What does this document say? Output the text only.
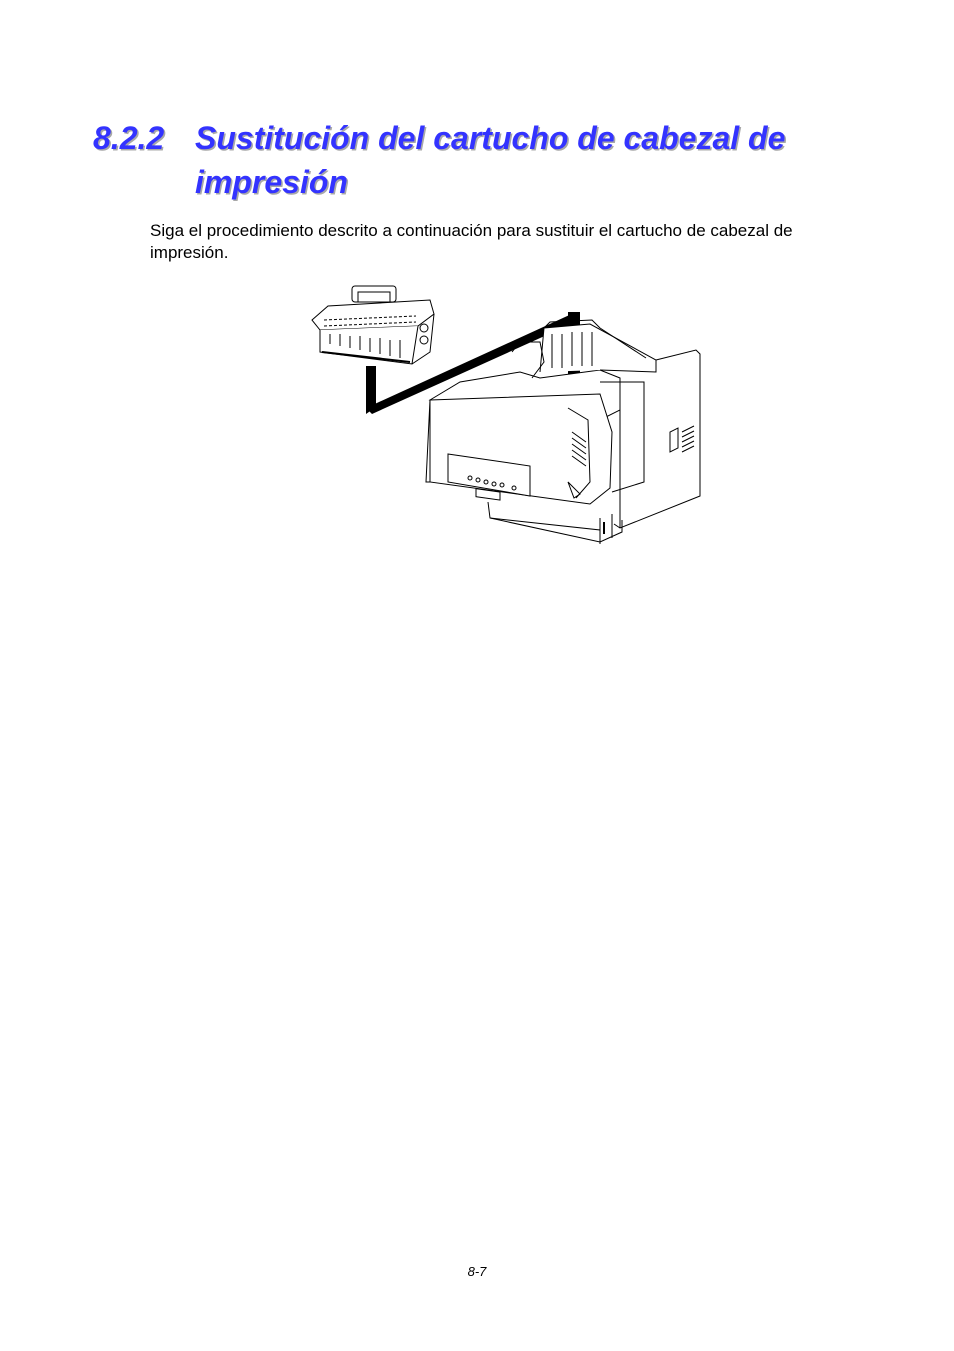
8.2.2 Sustitución del cartucho de cabezal de
impresión

Siga el procedimiento descrito a continuación para sustituir el cartucho de cabezal de impresión.

8-7
